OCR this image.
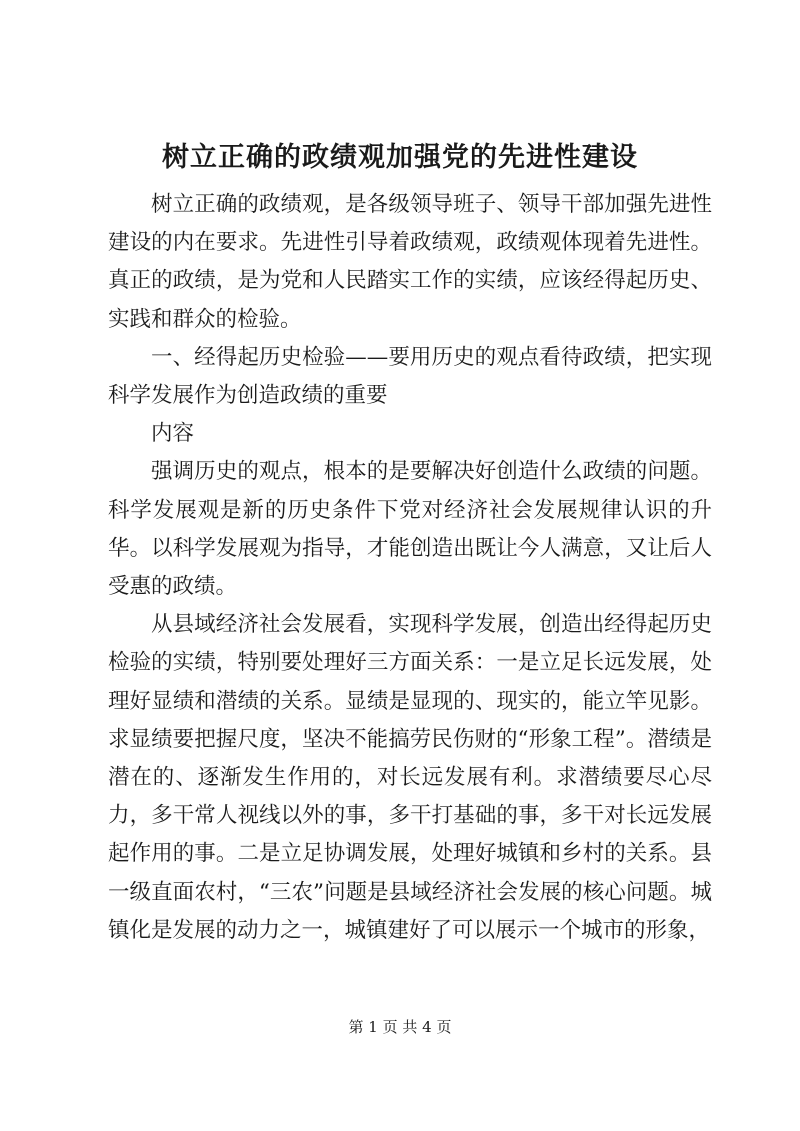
树立正确的政绩观加强党的先进性建设

树立正确的政绩观，是各级领导班子、领导干部加强先进性建设的内在要求。先进性引导着政绩观，政绩观体现着先进性。真正的政绩，是为党和人民踏实工作的实绩，应该经得起历史、实践和群众的检验。

一、经得起历史检验——要用历史的观点看待政绩，把实现科学发展作为创造政绩的重要

内容

强调历史的观点，根本的是要解决好创造什么政绩的问题。科学发展观是新的历史条件下党对经济社会发展规律认识的升华。以科学发展观为指导，才能创造出既让今人满意，又让后人受惠的政绩。

从县域经济社会发展看，实现科学发展，创造出经得起历史检验的实绩，特别要处理好三方面关系：一是立足长远发展，处理好显绩和潜绩的关系。显绩是显现的、现实的，能立竿见影。求显绩要把握尺度，坚决不能搞劳民伤财的“形象工程”。潜绩是潜在的、逐渐发生作用的，对长远发展有利。求潜绩要尽心尽力，多干常人视线以外的事，多干打基础的事，多干对长远发展起作用的事。二是立足协调发展，处理好城镇和乡村的关系。县一级直面农村，“三农”问题是县域经济社会发展的核心问题。城镇化是发展的动力之一，城镇建好了可以展示一个城市的形象，

第 1 页 共 4 页
